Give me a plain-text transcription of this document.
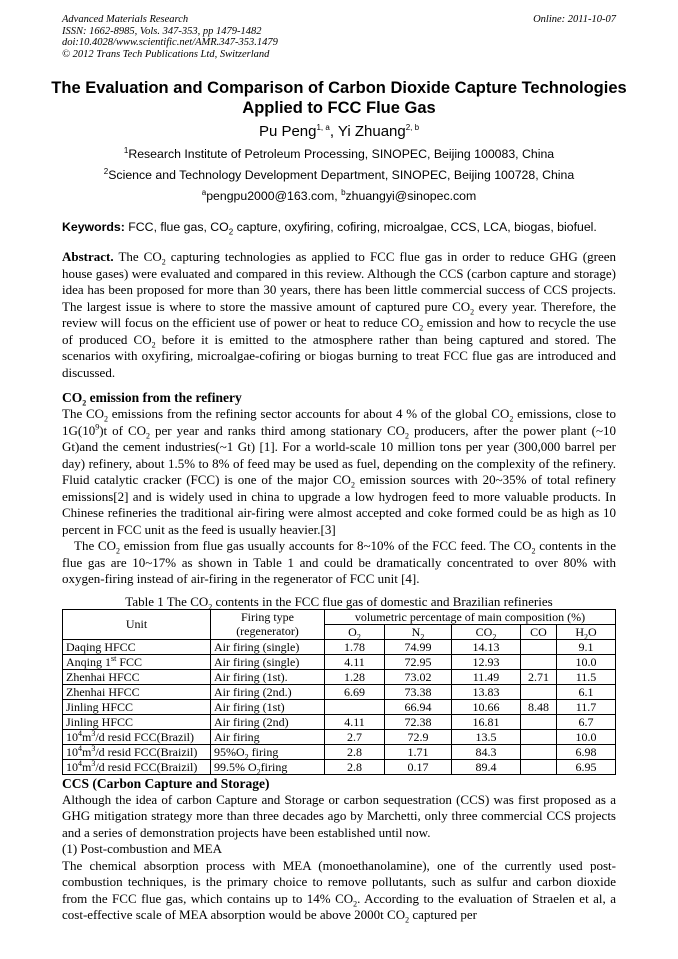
Advanced Materials Research
ISSN: 1662-8985, Vols. 347-353, pp 1479-1482
doi:10.4028/www.scientific.net/AMR.347-353.1479
© 2012 Trans Tech Publications Ltd, Switzerland
Online: 2011-10-07
The Evaluation and Comparison of Carbon Dioxide Capture Technologies Applied to FCC Flue Gas
Pu Peng$^{1, a}$, Yi Zhuang$^{2, b}$
$^1$Research Institute of Petroleum Processing, SINOPEC, Beijing 100083, China
$^2$Science and Technology Development Department, SINOPEC, Beijing 100728, China
$^a$pengpu2000@163.com, $^b$zhuangyi@sinopec.com
Keywords: FCC, flue gas, $CO_2$ capture, oxyfiring, cofiring, microalgae, CCS, LCA, biogas, biofuel.

Abstract. The $CO_2$ capturing technologies as applied to FCC flue gas in order to reduce GHG (green house gases) were evaluated and compared in this review. Although the CCS (carbon capture and storage) idea has been proposed for more than 30 years, there has been little commercial success of CCS projects. The largest issue is where to store the massive amount of captured pure $CO_2$ every year. Therefore, the review will focus on the efficient use of power or heat to reduce $CO_2$ emission and how to recycle the use of produced $CO_2$ before it is emitted to the atmosphere rather than being captured and stored. The scenarios with oxyfiring, microalgae-cofiring or biogas burning to treat FCC flue gas are introduced and discussed.

$CO_2$ emission from the refinery

The $CO_2$ emissions from the refining sector accounts for about 4 % of the global $CO_2$ emissions, close to $1G(10^9)t$ of $CO_2$ per year and ranks third among stationary $CO_2$ producers, after the power plant (~10 Gt)and the cement industries(~1 Gt) [1]. For a world-scale 10 million tons per year (300,000 barrel per day) refinery, about 1.5% to 8% of feed may be used as fuel, depending on the complexity of the refinery. Fluid catalytic cracker (FCC) is one of the major $CO_2$ emission sources with 20~35% of total refinery emissions[2] and is widely used in china to upgrade a low hydrogen feed to more valuable products. In Chinese refineries the traditional air-firing were almost accepted and coke formed could be as high as 10 percent in FCC unit as the feed is usually heavier.[3]

The $CO_2$ emission from flue gas usually accounts for 8~10% of the FCC feed. The $CO_2$ contents in the flue gas are 10~17% as shown in Table 1 and could be dramatically concentrated to over 80% with oxygen-firing instead of air-firing in the regenerator of FCC unit [4].

Table 1 The $CO_2$ contents in the FCC flue gas of domestic and Brazilian refineries
Unit	Firing type (regenerator)	volumetric percentage of main composition (%)				
		$O_2$	$N_2$	$CO_2$	CO	$H_2O$
Daqing HFCC	Air firing (single)	1.78	74.99	14.13		9.1
Anqing 1st FCC	Air firing (single)	4.11	72.95	12.93		10.0
Zhenhai HFCC	Air firing (1st).	1.28	73.02	11.49	2.71	11.5
Zhenhai HFCC	Air firing (2nd.)	6.69	73.38	13.83		6.1
Jinling HFCC	Air firing (1st)		66.94	10.66	8.48	11.7
Jinling HFCC	Air firing (2nd)	4.11	72.38	16.81		6.7
$10^4m^3/d$ resid FCC(Brazil)	Air firing	2.7	72.9	13.5		10.0
$10^4m^3/d$ resid FCC(Braizil)	$95\%O_2$ firing	2.8	1.71	84.3		6.98
$10^4m^3/d$ resid FCC(Braizil)	99.5% $O_2firing$	2.8	0.17	89.4		6.95
CCS (Carbon Capture and Storage)

Although the idea of carbon Capture and Storage or carbon sequestration (CCS) was first proposed as a GHG mitigation strategy more than three decades ago by Marchetti, only three commercial CCS projects and a series of demonstration projects have been established until now.

(1) Post-combustion and MEA

The chemical absorption process with MEA (monoethanolamine), one of the currently used post-combustion techniques, is the primary choice to remove pollutants, such as sulfur and carbon dioxide from the FCC flue gas, which contains up to 14% $CO_2$. According to the evaluation of Straelen et al, a cost-effective scale of MEA absorption would be above 2000t $CO_2$ captured per
